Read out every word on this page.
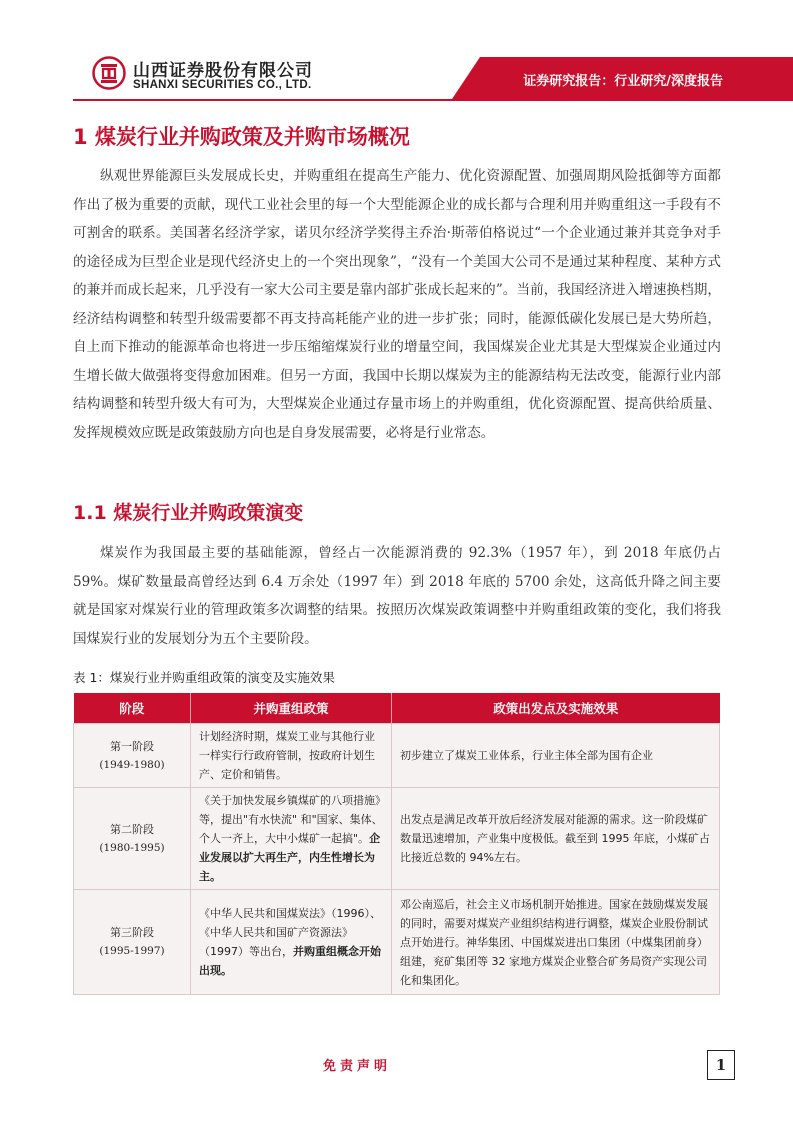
山西证券股份有限公司
SHANXI SECURITIES CO., LTD.	证券研究报告：行业研究/深度报告
1 煤炭行业并购政策及并购市场概况

纵观世界能源巨头发展成长史，并购重组在提高生产能力、优化资源配置、加强周期风险抵御等方面都作出了极为重要的贡献，现代工业社会里的每一个大型能源企业的成长都与合理利用并购重组这一手段有不可割舍的联系。美国著名经济学家，诺贝尔经济学奖得主乔治·斯蒂伯格说过“一个企业通过兼并其竞争对手的途径成为巨型企业是现代经济史上的一个突出现象”，“没有一个美国大公司不是通过某种程度、某种方式的兼并而成长起来，几乎没有一家大公司主要是靠内部扩张成长起来的”。当前，我国经济进入增速换档期，经济结构调整和转型升级需要都不再支持高耗能产业的进一步扩张；同时，能源低碳化发展已是大势所趋，自上而下推动的能源革命也将进一步压缩缩煤炭行业的增量空间，我国煤炭企业尤其是大型煤炭企业通过内生增长做大做强将变得愈加困难。但另一方面，我国中长期以煤炭为主的能源结构无法改变，能源行业内部结构调整和转型升级大有可为，大型煤炭企业通过存量市场上的并购重组，优化资源配置、提高供给质量、发挥规模效应既是政策鼓励方向也是自身发展需要，必将是行业常态。

1.1 煤炭行业并购政策演变

煤炭作为我国最主要的基础能源，曾经占一次能源消费的 92.3%（1957 年），到 2018 年底仍占 59%。煤矿数量最高曾经达到 6.4 万余处（1997 年）到 2018 年底的 5700 余处，这高低升降之间主要就是国家对煤炭行业的管理政策多次调整的结果。按照历次煤炭政策调整中并购重组政策的变化，我们将我国煤炭行业的发展划分为五个主要阶段。

表 1：煤炭行业并购重组政策的演变及实施效果
阶段	并购重组政策	政策出发点及实施效果
第一阶段
(1949-1980)	计划经济时期，煤炭工业与其他行业一样实行行政府管制，按政府计划生产、定价和销售。	初步建立了煤炭工业体系，行业主体全部为国有企业
第二阶段
(1980-1995)	《关于加快发展乡镇煤矿的八项措施》等，提出"有水快流" 和"国家、集体、个人一齐上，大中小煤矿一起搞"。企业发展以扩大再生产，内生性增长为主。	出发点是满足改革开放后经济发展对能源的需求。这一阶段煤矿数量迅速增加，产业集中度极低。截至到 1995 年底，小煤矿占比接近总数的 94%左右。
第三阶段
(1995-1997)	《中华人民共和国煤炭法》（1996）、《中华人民共和国矿产资源法》（1997）等出台，并购重组概念开始出现。	邓公南巡后，社会主义市场机制开始推进。国家在鼓励煤炭发展的同时，需要对煤炭产业组织结构进行调整，煤炭企业股份制试点开始进行。神华集团、中国煤炭进出口集团（中煤集团前身）组建，兖矿集团等 32 家地方煤炭企业整合矿务局资产实现公司化和集团化。
免责声明	1
